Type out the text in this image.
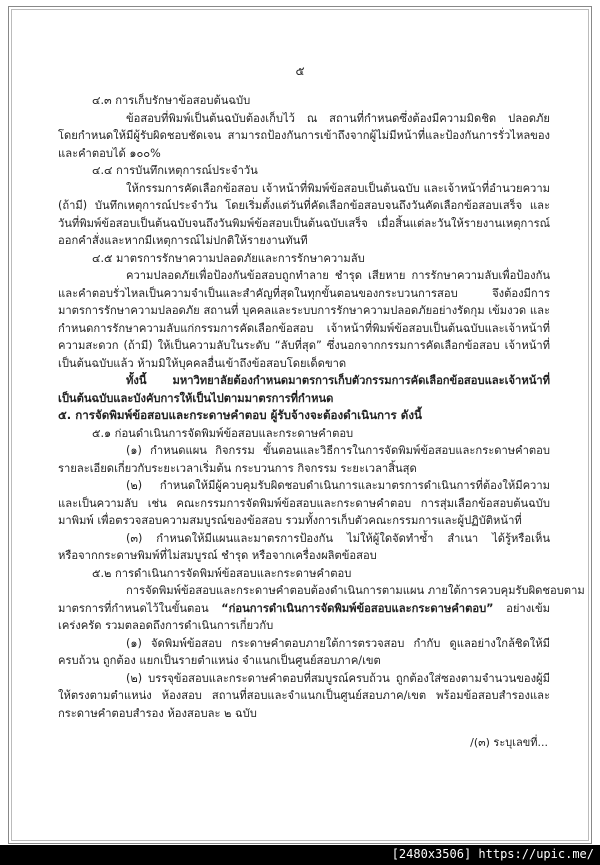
๕
๔.๓ การเก็บรักษาข้อสอบต้นฉบับ
ข้อสอบที่พิมพ์เป็นต้นฉบับต้องเก็บไว้ ณ สถานที่กำหนดซึ่งต้องมีความมิดชิด ปลอดภัย
โดยกำหนดให้มีผู้รับผิดชอบชัดเจน สามารถป้องกันการเข้าถึงจากผู้ไม่มีหน้าที่และป้องกันการรั่วไหลของ
และคำตอบได้ ๑๐๐%
๔.๔ การบันทึกเหตุการณ์ประจำวัน
ให้กรรมการคัดเลือกข้อสอบ เจ้าหน้าที่พิมพ์ข้อสอบเป็นต้นฉบับ และเจ้าหน้าที่อำนวยความ
(ถ้ามี) บันทึกเหตุการณ์ประจำวัน โดยเริ่มตั้งแต่วันที่คัดเลือกข้อสอบจนถึงวันคัดเลือกข้อสอบเสร็จ และ
วันที่พิมพ์ข้อสอบเป็นต้นฉบับจนถึงวันพิมพ์ข้อสอบเป็นต้นฉบับเสร็จ เมื่อสิ้นแต่ละวันให้รายงานเหตุการณ์
ออกคำสั่งและหากมีเหตุการณ์ไม่ปกติให้รายงานทันที
๔.๕ มาตรการรักษาความปลอดภัยและการรักษาความลับ
ความปลอดภัยเพื่อป้องกันข้อสอบถูกทำลาย ชำรุด เสียหาย การรักษาความลับเพื่อป้องกัน
และคำตอบรั่วไหลเป็นความจำเป็นและสำคัญที่สุดในทุกขั้นตอนของกระบวนการสอบ จึงต้องมีการ
มาตรการรักษาความปลอดภัย สถานที่ บุคคลและระบบการรักษาความปลอดภัยอย่างรัดกุม เข้มงวด และ
กำหนดการรักษาความลับแก่กรรมการคัดเลือกข้อสอบ เจ้าหน้าที่พิมพ์ข้อสอบเป็นต้นฉบับและเจ้าหน้าที่
ความสะดวก (ถ้ามี) ให้เป็นความลับในระดับ “ลับที่สุด” ซึ่งนอกจากกรรมการคัดเลือกข้อสอบ เจ้าหน้าที่
เป็นต้นฉบับแล้ว ห้ามมิให้บุคคลอื่นเข้าถึงข้อสอบโดยเด็ดขาด
ทั้งนี้ มหาวิทยาลัยต้องกำหนดมาตรการเก็บตัวกรรมการคัดเลือกข้อสอบและเจ้าหน้าที่
เป็นต้นฉบับและบังคับการให้เป็นไปตามมาตรการที่กำหนด
๕. การจัดพิมพ์ข้อสอบและกระดาษคำตอบ ผู้รับจ้างจะต้องดำเนินการ ดังนี้
๕.๑ ก่อนดำเนินการจัดพิมพ์ข้อสอบและกระดาษคำตอบ
(๑) กำหนดแผน กิจกรรม ขั้นตอนและวิธีการในการจัดพิมพ์ข้อสอบและกระดาษคำตอบ
รายละเอียดเกี่ยวกับระยะเวลาเริ่มต้น กระบวนการ กิจกรรม ระยะเวลาสิ้นสุด
(๒) กำหนดให้มีผู้ควบคุมรับผิดชอบดำเนินการและมาตรการดำเนินการที่ต้องให้มีความ
และเป็นความลับ เช่น คณะกรรมการจัดพิมพ์ข้อสอบและกระดาษคำตอบ การสุ่มเลือกข้อสอบต้นฉบับ
มาพิมพ์ เพื่อตรวจสอบความสมบูรณ์ของข้อสอบ รวมทั้งการเก็บตัวคณะกรรมการและผู้ปฏิบัติหน้าที่
(๓) กำหนดให้มีแผนและมาตรการป้องกัน ไม่ให้ผู้ใดจัดทำซ้ำ สำเนา ได้รู้หรือเห็น
หรือจากกระดาษพิมพ์ที่ไม่สมบูรณ์ ชำรุด หรือจากเครื่องผลิตข้อสอบ
๕.๒ การดำเนินการจัดพิมพ์ข้อสอบและกระดาษคำตอบ
การจัดพิมพ์ข้อสอบและกระดาษคำตอบต้องดำเนินการตามแผน ภายใต้การควบคุมรับผิดชอบตาม
มาตรการที่กำหนดไว้ในขั้นตอน “ก่อนการดำเนินการจัดพิมพ์ข้อสอบและกระดาษคำตอบ” อย่างเข้ม
เคร่งครัด รวมตลอดถึงการดำเนินการเกี่ยวกับ
(๑) จัดพิมพ์ข้อสอบ กระดาษคำตอบภายใต้การตรวจสอบ กำกับ ดูแลอย่างใกล้ชิดให้มี
ครบถ้วน ถูกต้อง แยกเป็นรายตำแหน่ง จำแนกเป็นศูนย์สอบภาค/เขต
(๒) บรรจุข้อสอบและกระดาษคำตอบที่สมบูรณ์ครบถ้วน ถูกต้องใส่ซองตามจำนวนของผู้มี
ให้ตรงตามตำแหน่ง ห้องสอบ สถานที่สอบและจำแนกเป็นศูนย์สอบภาค/เขต พร้อมข้อสอบสำรองและ
กระดาษคำตอบสำรอง ห้องสอบละ ๒ ฉบับ
/(๓) ระบุเลขที่...
[2480x3506] https://upic.me/
